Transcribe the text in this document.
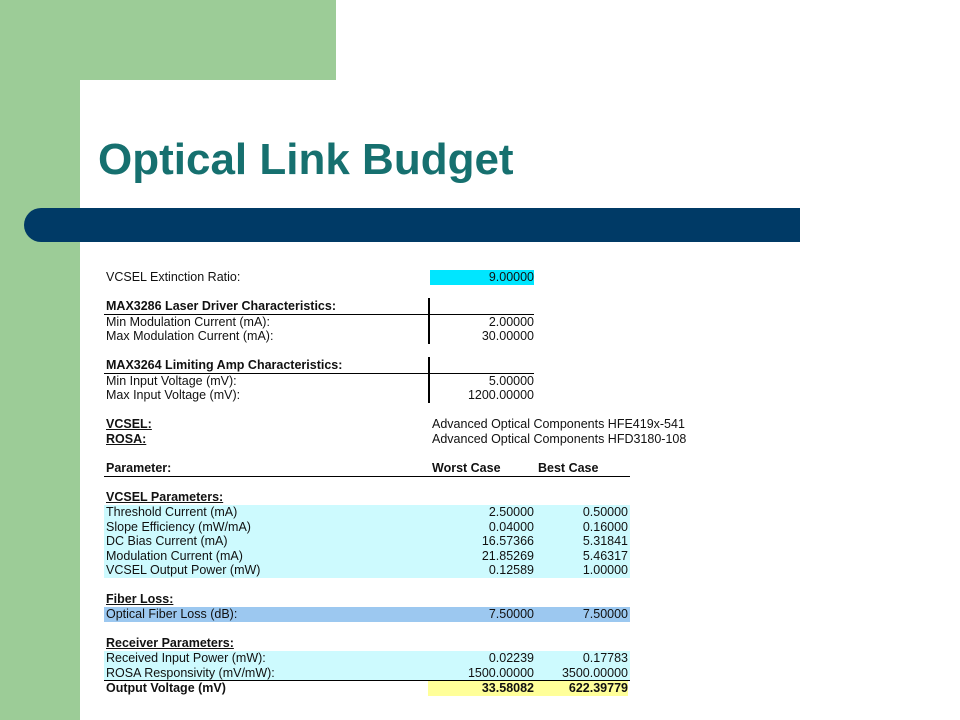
Optical Link Budget
VCSEL Extinction Ratio:	9.00000
MAX3286 Laser Driver Characteristics:
Min Modulation Current (mA):	2.00000
Max Modulation Current (mA):	30.00000
MAX3264 Limiting Amp Characteristics:
Min Input Voltage (mV):	5.00000
Max Input Voltage (mV):	1200.00000
VCSEL:	Advanced Optical Components HFE419x-541
ROSA:	Advanced Optical Components HFD3180-108
Parameter:	Worst Case	Best Case
VCSEL Parameters:
Threshold Current (mA)	2.50000	0.50000
Slope Efficiency (mW/mA)	0.04000	0.16000
DC Bias Current (mA)	16.57366	5.31841
Modulation Current (mA)	21.85269	5.46317
VCSEL Output Power (mW)	0.12589	1.00000
Fiber Loss:
Optical Fiber Loss (dB):	7.50000	7.50000
Receiver Parameters:
Received Input Power (mW):	0.02239	0.17783
ROSA Responsivity (mV/mW):	1500.00000	3500.00000
Output Voltage (mV)	33.58082	622.39779
